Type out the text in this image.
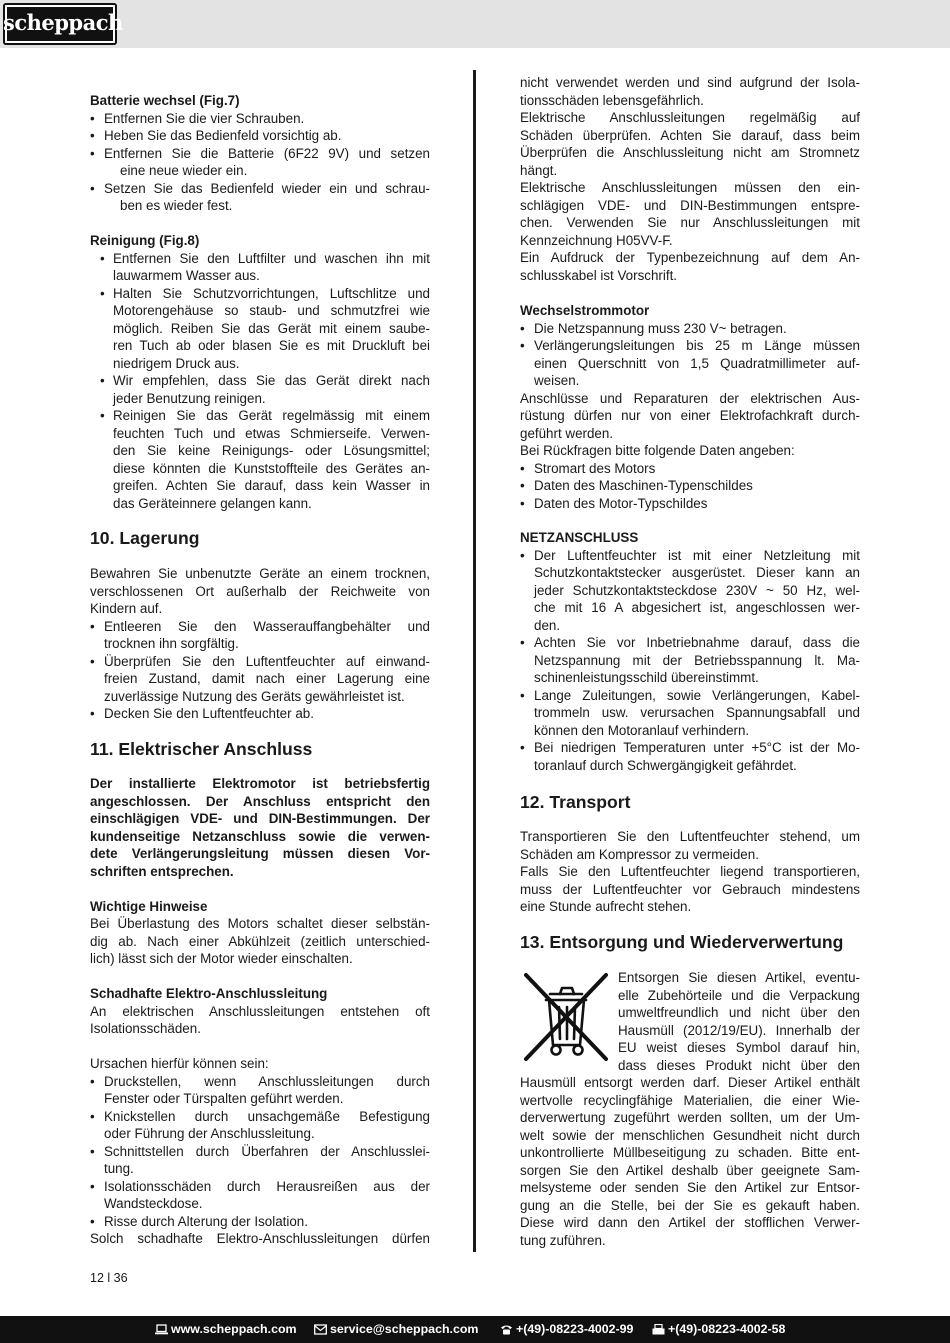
scheppach
Batterie wechsel (Fig.7)
• Entfernen Sie die vier Schrauben.
• Heben Sie das Bedienfeld vorsichtig ab.
• Entfernen Sie die Batterie (6F22 9V) und setzen
eine neue wieder ein.
• Setzen Sie das Bedienfeld wieder ein und schrau-
ben es wieder fest.
Reinigung (Fig.8)
• Entfernen Sie den Luftfilter und waschen ihn mit
lauwarmem Wasser aus.
• Halten Sie Schutzvorrichtungen, Luftschlitze und
Motorengehäuse so staub- und schmutzfrei wie
möglich. Reiben Sie das Gerät mit einem saube-
ren Tuch ab oder blasen Sie es mit Druckluft bei
niedrigem Druck aus.
• Wir empfehlen, dass Sie das Gerät direkt nach
jeder Benutzung reinigen.
• Reinigen Sie das Gerät regelmässig mit einem
feuchten Tuch und etwas Schmierseife. Verwen-
den Sie keine Reinigungs- oder Lösungsmittel;
diese könnten die Kunststoffteile des Gerätes an-
greifen. Achten Sie darauf, dass kein Wasser in
das Geräteinnere gelangen kann.
10. Lagerung
Bewahren Sie unbenutzte Geräte an einem trocknen,
verschlossenen Ort außerhalb der Reichweite von
Kindern auf.
• Entleeren Sie den Wasserauffangbehälter und
trocknen ihn sorgfältig.
• Überprüfen Sie den Luftentfeuchter auf einwand-
freien Zustand, damit nach einer Lagerung eine
zuverlässige Nutzung des Geräts gewährleistet ist.
• Decken Sie den Luftentfeuchter ab.
11. Elektrischer Anschluss
Der installierte Elektromotor ist betriebsfertig
angeschlossen. Der Anschluss entspricht den
einschlägigen VDE- und DIN-Bestimmungen. Der
kundenseitige Netzanschluss sowie die verwen-
dete Verlängerungsleitung müssen diesen Vor-
schriften entsprechen.
Wichtige Hinweise
Bei Überlastung des Motors schaltet dieser selbstän-
dig ab. Nach einer Abkühlzeit (zeitlich unterschied-
lich) lässt sich der Motor wieder einschalten.
Schadhafte Elektro-Anschlussleitung
An elektrischen Anschlussleitungen entstehen oft
Isolationsschäden.
Ursachen hierfür können sein:
• Druckstellen, wenn Anschlussleitungen durch
Fenster oder Türspalten geführt werden.
• Knickstellen durch unsachgemäße Befestigung
oder Führung der Anschlussleitung.
• Schnittstellen durch Überfahren der Anschlusslei-
tung.
• Isolationsschäden durch Herausreißen aus der
Wandsteckdose.
• Risse durch Alterung der Isolation.
Solch schadhafte Elektro-Anschlussleitungen dürfen
nicht verwendet werden und sind aufgrund der Isola-
tionsschäden lebensgefährlich.
Elektrische Anschlussleitungen regelmäßig auf
Schäden überprüfen. Achten Sie darauf, dass beim
Überprüfen die Anschlussleitung nicht am Stromnetz
hängt.
Elektrische Anschlussleitungen müssen den ein-
schlägigen VDE- und DIN-Bestimmungen entspre-
chen. Verwenden Sie nur Anschlussleitungen mit
Kennzeichnung H05VV-F.
Ein Aufdruck der Typenbezeichnung auf dem An-
schlusskabel ist Vorschrift.
Wechselstrommotor
• Die Netzspannung muss 230 V~ betragen.
• Verlängerungsleitungen bis 25 m Länge müssen
einen Querschnitt von 1,5 Quadratmillimeter auf-
weisen.
Anschlüsse und Reparaturen der elektrischen Aus-
rüstung dürfen nur von einer Elektrofachkraft durch-
geführt werden.
Bei Rückfragen bitte folgende Daten angeben:
• Stromart des Motors
• Daten des Maschinen-Typenschildes
• Daten des Motor-Typschildes
NETZANSCHLUSS
• Der Luftentfeuchter ist mit einer Netzleitung mit
Schutzkontaktstecker ausgerüstet. Dieser kann an
jeder Schutzkontaktsteckdose 230V ~ 50 Hz, wel-
che mit 16 A abgesichert ist, angeschlossen wer-
den.
• Achten Sie vor Inbetriebnahme darauf, dass die
Netzspannung mit der Betriebsspannung lt. Ma-
schinenleistungsschild übereinstimmt.
• Lange Zuleitungen, sowie Verlängerungen, Kabel-
trommeln usw. verursachen Spannungsabfall und
können den Motoranlauf verhindern.
• Bei niedrigen Temperaturen unter +5°C ist der Mo-
toranlauf durch Schwergängigkeit gefährdet.
12. Transport
Transportieren Sie den Luftentfeuchter stehend, um
Schäden am Kompressor zu vermeiden.
Falls Sie den Luftentfeuchter liegend transportieren,
muss der Luftentfeuchter vor Gebrauch mindestens
eine Stunde aufrecht stehen.
13. Entsorgung und Wiederverwertung
Entsorgen Sie diesen Artikel, eventu-
elle Zubehörteile und die Verpackung
umweltfreundlich und nicht über den
Hausmüll (2012/19/EU). Innerhalb der
EU weist dieses Symbol darauf hin,
dass dieses Produkt nicht über den
Hausmüll entsorgt werden darf. Dieser Artikel enthält
wertvolle recyclingfähige Materialien, die einer Wie-
derverwertung zugeführt werden sollten, um der Um-
welt sowie der menschlichen Gesundheit nicht durch
unkontrollierte Müllbeseitigung zu schaden. Bitte ent-
sorgen Sie den Artikel deshalb über geeignete Sam-
melsysteme oder senden Sie den Artikel zur Entsor-
gung an die Stelle, bei der Sie es gekauft haben.
Diese wird dann den Artikel der stofflichen Verwer-
tung zuführen.
12 l 36
www.scheppach.com	service@scheppach.com	+(49)-08223-4002-99	+(49)-08223-4002-58
